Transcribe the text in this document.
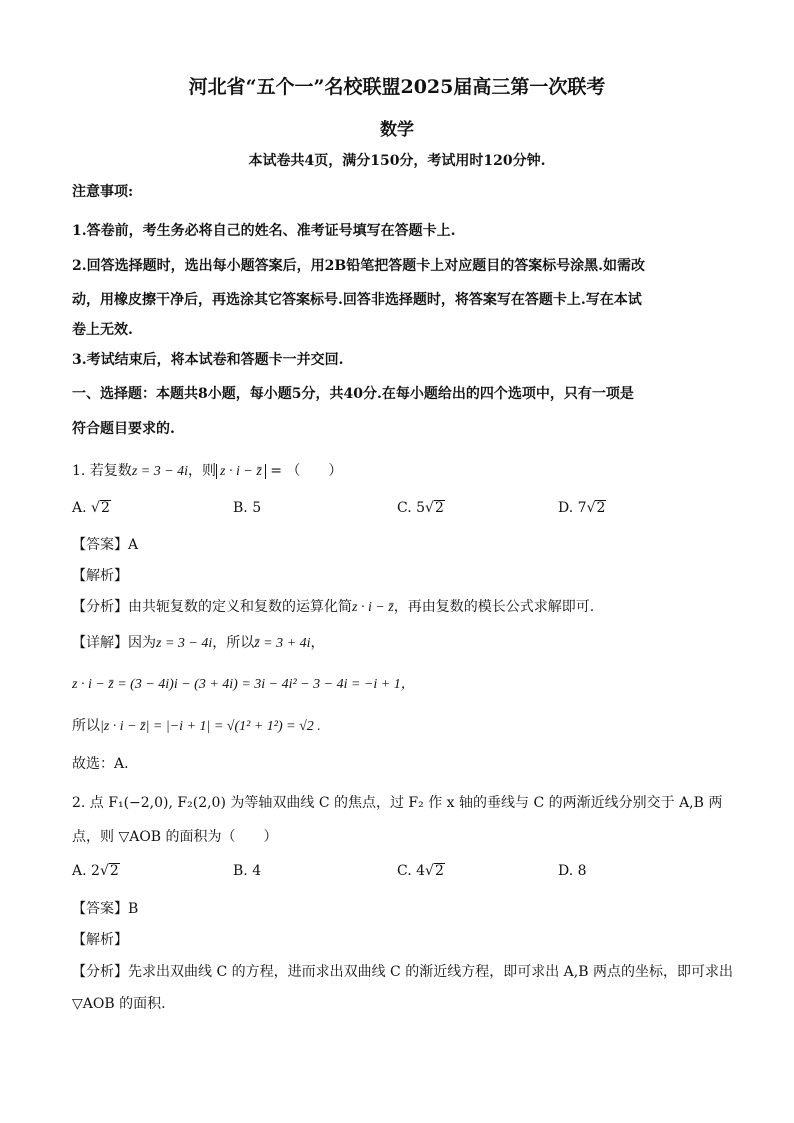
河北省“五个一”名校联盟2025届高三第一次联考
数学
本试卷共4页，满分150分，考试用时120分钟.
注意事项:
1.答卷前，考生务必将自己的姓名、准考证号填写在答题卡上.
2.回答选择题时，选出每小题答案后，用2B铅笔把答题卡上对应题目的答案标号涂黑.如需改
动，用橡皮擦干净后，再选涂其它答案标号.回答非选择题时，将答案写在答题卡上.写在本试
卷上无效.
3.考试结束后，将本试卷和答题卡一并交回.
一、选择题：本题共8小题，每小题5分，共40分.在每小题给出的四个选项中，只有一项是
符合题目要求的.
1. 若复数z = 3 − 4i，则 z · i − z̄ = （　　）
A. √2	B. 5	C. 5√2	D. 7√2
【答案】A
【解析】
【分析】由共轭复数的定义和复数的运算化简z · i − z̄，再由复数的模长公式求解即可.
【详解】因为z = 3 − 4i，所以z̄ = 3 + 4i，
z · i − z̄ = (3 − 4i)i − (3 + 4i) = 3i − 4i² − 3 − 4i = −i + 1，
所以|z · i − z̄| = |−i + 1| = √(1² + 1²) = √2 .
故选：A.
2. 点 F₁(−2,0), F₂(2,0) 为等轴双曲线 C 的焦点，过 F₂ 作 x 轴的垂线与 C 的两渐近线分别交于 A,B 两
点，则 ▽AOB 的面积为（　　）
A. 2√2	B. 4	C. 4√2	D. 8
【答案】B
【解析】
【分析】先求出双曲线 C 的方程，进而求出双曲线 C 的渐近线方程，即可求出 A,B 两点的坐标，即可求出
▽AOB 的面积.
